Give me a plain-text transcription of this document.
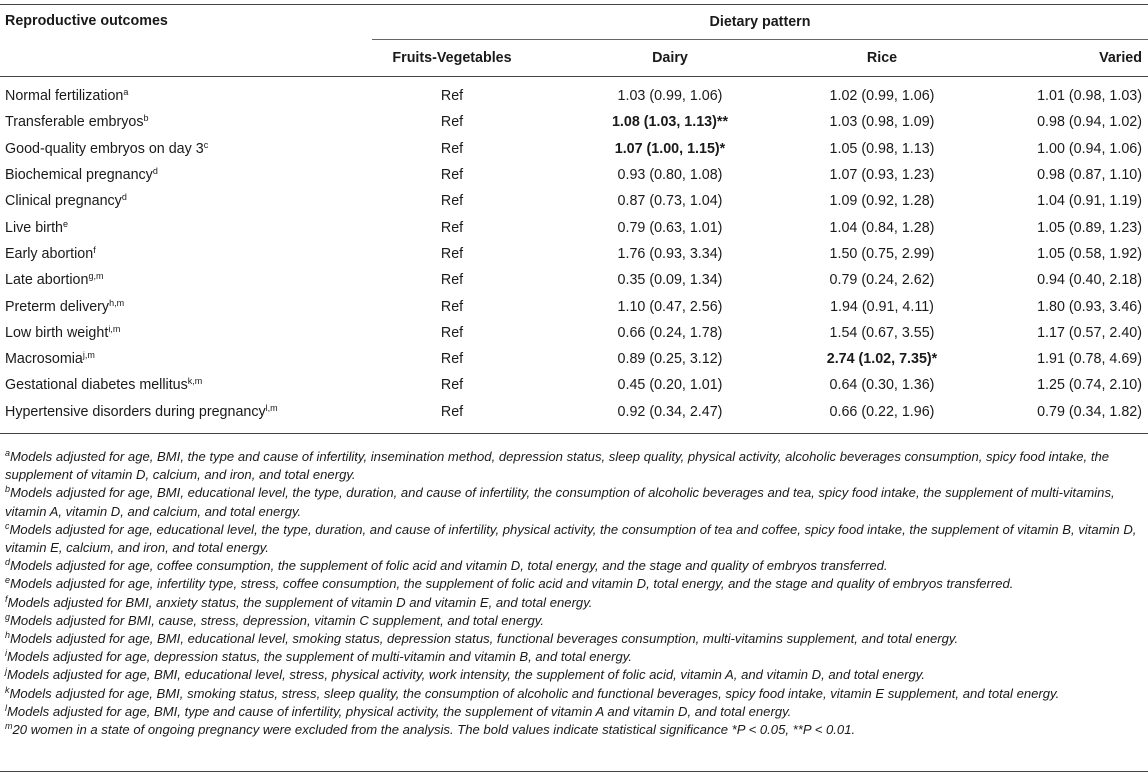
Reproductive outcomes	Dietary pattern			
	Fruits-Vegetables	Dairy	Rice	Varied
Normal fertilization$^a$	Ref	1.03 (0.99, 1.06)	1.02 (0.99, 1.06)	1.01 (0.98, 1.03)
Transferable embryos$^b$	Ref	1.08 (1.03, 1.13)**	1.03 (0.98, 1.09)	0.98 (0.94, 1.02)
Good-quality embryos on day 3$^c$	Ref	1.07 (1.00, 1.15)*	1.05 (0.98, 1.13)	1.00 (0.94, 1.06)
Biochemical pregnancy$^d$	Ref	0.93 (0.80, 1.08)	1.07 (0.93, 1.23)	0.98 (0.87, 1.10)
Clinical pregnancy$^d$	Ref	0.87 (0.73, 1.04)	1.09 (0.92, 1.28)	1.04 (0.91, 1.19)
Live birth$^e$	Ref	0.79 (0.63, 1.01)	1.04 (0.84, 1.28)	1.05 (0.89, 1.23)
Early abortion$^f$	Ref	1.76 (0.93, 3.34)	1.50 (0.75, 2.99)	1.05 (0.58, 1.92)
Late abortion$^{g,m}$	Ref	0.35 (0.09, 1.34)	0.79 (0.24, 2.62)	0.94 (0.40, 2.18)
Preterm delivery$^{h,m}$	Ref	1.10 (0.47, 2.56)	1.94 (0.91, 4.11)	1.80 (0.93, 3.46)
Low birth weight$^{i,m}$	Ref	0.66 (0.24, 1.78)	1.54 (0.67, 3.55)	1.17 (0.57, 2.40)
Macrosomia$^{j,m}$	Ref	0.89 (0.25, 3.12)	2.74 (1.02, 7.35)*	1.91 (0.78, 4.69)
Gestational diabetes mellitus$^{k,m}$	Ref	0.45 (0.20, 1.01)	0.64 (0.30, 1.36)	1.25 (0.74, 2.10)
Hypertensive disorders during pregnancy$^{l,m}$	Ref	0.92 (0.34, 2.47)	0.66 (0.22, 1.96)	0.79 (0.34, 1.82)

$^a$Models adjusted for age, BMI, the type and cause of infertility, insemination method, depression status, sleep quality, physical activity, alcoholic beverages consumption, spicy food intake, the supplement of vitamin D, calcium, and iron, and total energy.

$^b$Models adjusted for age, BMI, educational level, the type, duration, and cause of infertility, the consumption of alcoholic beverages and tea, spicy food intake, the supplement of multi-vitamins, vitamin A, vitamin D, and calcium, and total energy.

$^c$Models adjusted for age, educational level, the type, duration, and cause of infertility, physical activity, the consumption of tea and coffee, spicy food intake, the supplement of vitamin B, vitamin D, vitamin E, calcium, and iron, and total energy.

$^d$Models adjusted for age, coffee consumption, the supplement of folic acid and vitamin D, total energy, and the stage and quality of embryos transferred.

$^e$Models adjusted for age, infertility type, stress, coffee consumption, the supplement of folic acid and vitamin D, total energy, and the stage and quality of embryos transferred.

$^f$Models adjusted for BMI, anxiety status, the supplement of vitamin D and vitamin E, and total energy.

$^g$Models adjusted for BMI, cause, stress, depression, vitamin C supplement, and total energy.

$^h$Models adjusted for age, BMI, educational level, smoking status, depression status, functional beverages consumption, multi-vitamins supplement, and total energy.

$^i$Models adjusted for age, depression status, the supplement of multi-vitamin and vitamin B, and total energy.

$^j$Models adjusted for age, BMI, educational level, stress, physical activity, work intensity, the supplement of folic acid, vitamin A, and vitamin D, and total energy.

$^k$Models adjusted for age, BMI, smoking status, stress, sleep quality, the consumption of alcoholic and functional beverages, spicy food intake, vitamin E supplement, and total energy.

$^l$Models adjusted for age, BMI, type and cause of infertility, physical activity, the supplement of vitamin A and vitamin D, and total energy.

$^m$20 women in a state of ongoing pregnancy were excluded from the analysis. The bold values indicate statistical significance *P < 0.05, **P < 0.01.
